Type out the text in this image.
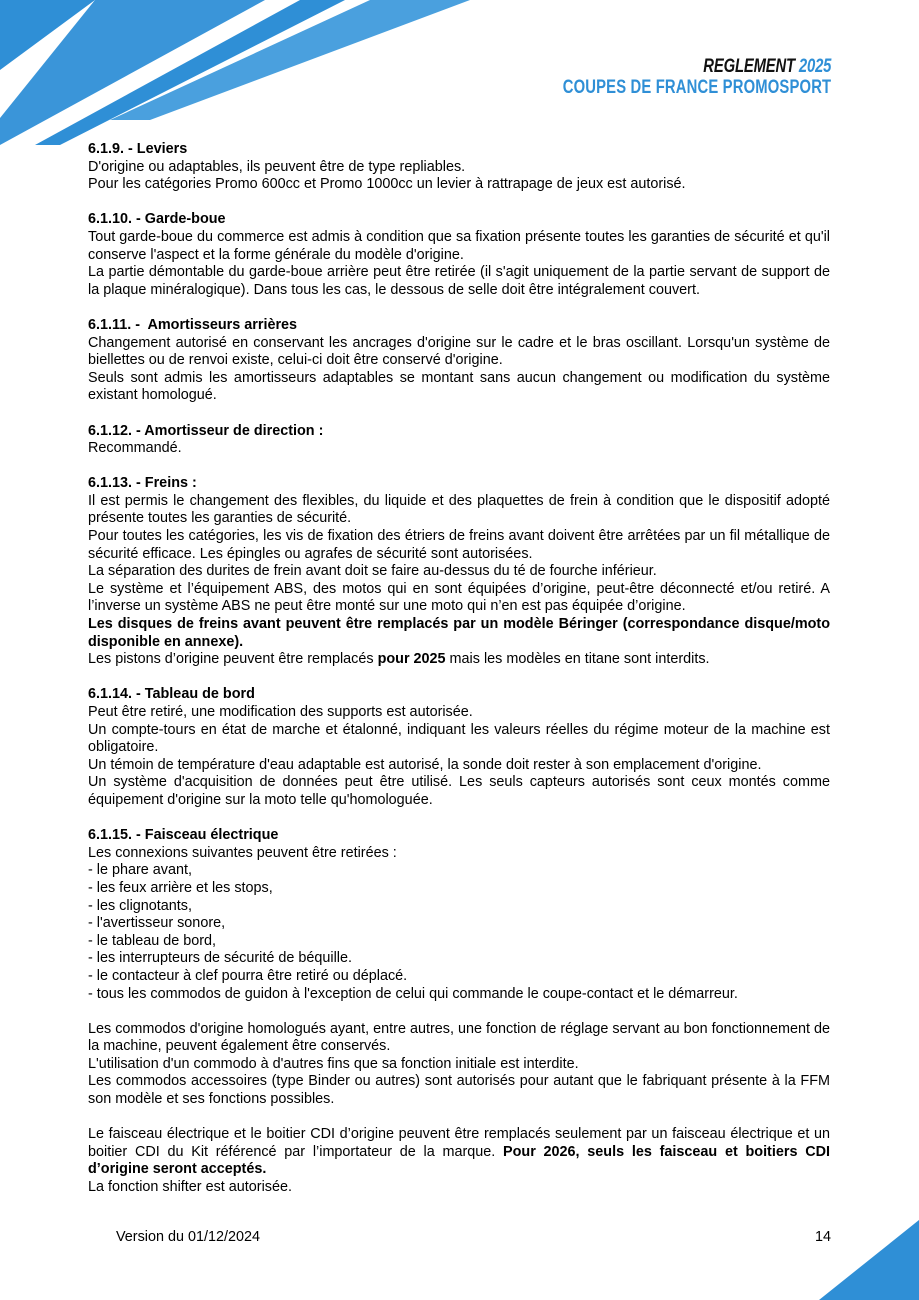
REGLEMENT 2025
COUPES DE FRANCE PROMOSPORT
6.1.9. - Leviers

D'origine ou adaptables, ils peuvent être de type repliables.

Pour les catégories Promo 600cc et Promo 1000cc un levier à rattrapage de jeux est autorisé.

6.1.10. - Garde-boue

Tout garde-boue du commerce est admis à condition que sa fixation présente toutes les garanties de sécurité et qu'il conserve l'aspect et la forme générale du modèle d'origine.

La partie démontable du garde-boue arrière peut être retirée (il s'agit uniquement de la partie servant de support de la plaque minéralogique). Dans tous les cas, le dessous de selle doit être intégralement couvert.

6.1.11. -  Amortisseurs arrières

Changement autorisé en conservant les ancrages d'origine sur le cadre et le bras oscillant. Lorsqu'un système de biellettes ou de renvoi existe, celui-ci doit être conservé d'origine.

Seuls sont admis les amortisseurs adaptables se montant sans aucun changement ou modification du système existant homologué.

6.1.12. - Amortisseur de direction :

Recommandé.

6.1.13. - Freins :

Il est permis le changement des flexibles, du liquide et des plaquettes de frein à condition que le dispositif adopté présente toutes les garanties de sécurité.

Pour toutes les catégories, les vis de fixation des étriers de freins avant doivent être arrêtées par un fil métallique de sécurité efficace. Les épingles ou agrafes de sécurité sont autorisées.

La séparation des durites de frein avant doit se faire au-dessus du té de fourche inférieur.

Le système et l’équipement ABS, des motos qui en sont équipées d’origine, peut-être déconnecté et/ou retiré. A l’inverse un système ABS ne peut être monté sur une moto qui n’en est pas équipée d’origine.

Les disques de freins avant peuvent être remplacés par un modèle Béringer (correspondance disque/moto disponible en annexe).

Les pistons d’origine peuvent être remplacés pour 2025 mais les modèles en titane sont interdits.

6.1.14. - Tableau de bord

Peut être retiré, une modification des supports est autorisée.

Un compte-tours en état de marche et étalonné, indiquant les valeurs réelles du régime moteur de la machine est obligatoire.

Un témoin de température d'eau adaptable est autorisé, la sonde doit rester à son emplacement d'origine.

Un système d'acquisition de données peut être utilisé. Les seuls capteurs autorisés sont ceux montés comme équipement d'origine sur la moto telle qu'homologuée.

6.1.15. - Faisceau électrique

Les connexions suivantes peuvent être retirées :

- le phare avant,

- les feux arrière et les stops,

- les clignotants,

- l'avertisseur sonore,

- le tableau de bord,

- les interrupteurs de sécurité de béquille.

- le contacteur à clef pourra être retiré ou déplacé.

- tous les commodos de guidon à l'exception de celui qui commande le coupe-contact et le démarreur.

Les commodos d'origine homologués ayant, entre autres, une fonction de réglage servant au bon fonctionnement de la machine, peuvent également être conservés.

L'utilisation d'un commodo à d'autres fins que sa fonction initiale est interdite.

Les commodos accessoires (type Binder ou autres) sont autorisés pour autant que le fabriquant présente à la FFM son modèle et ses fonctions possibles.

Le faisceau électrique et le boitier CDI d’origine peuvent être remplacés seulement par un faisceau électrique et un boitier CDI du Kit référencé par l’importateur de la marque. Pour 2026, seuls les faisceau et boitiers CDI d’origine seront acceptés.

La fonction shifter est autorisée.

Version du 01/12/2024	14
